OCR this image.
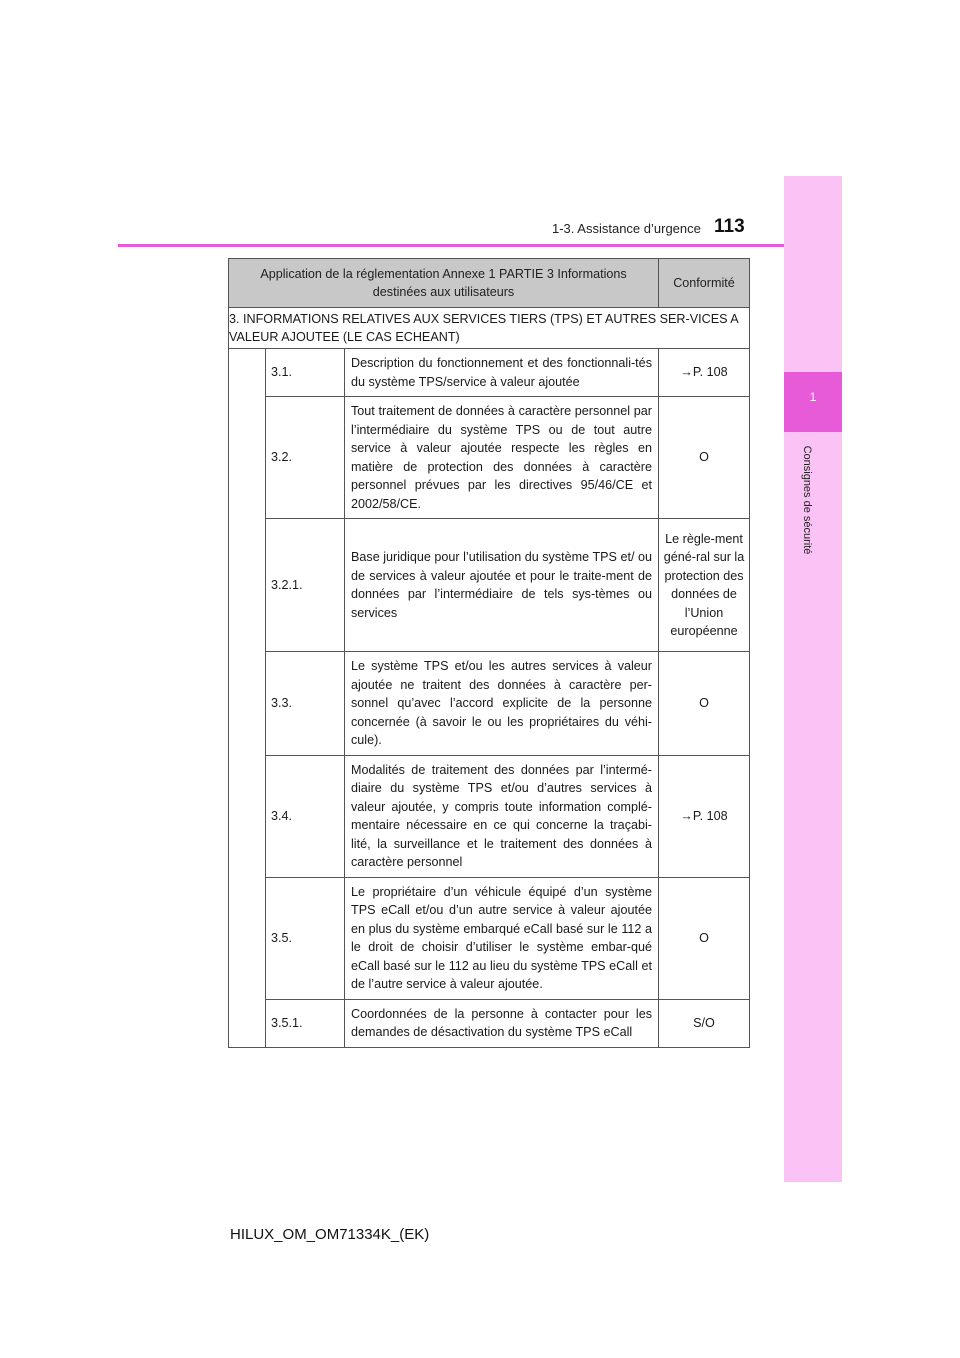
1
Consignes de sécurité
1-3. Assistance d’urgence 113
Application de la réglementation Annexe 1 PARTIE 3 Informations destinées aux utilisateurs			Conformité
3. INFORMATIONS RELATIVES AUX SERVICES TIERS (TPS) ET AUTRES SER-VICES A VALEUR AJOUTEE (LE CAS ECHEANT)			
	3.1.	Description du fonctionnement et des fonctionnali-tés du système TPS/service à valeur ajoutée	→P. 108
	3.2.	Tout traitement de données à caractère personnel par l’intermédiaire du système TPS ou de tout autre service à valeur ajoutée respecte les règles en matière de protection des données à caractère personnel prévues par les directives 95/46/CE et 2002/58/CE.	O
	3.2.1.	Base juridique pour l’utilisation du système TPS et/ ou de services à valeur ajoutée et pour le traite-ment de données par l’intermédiaire de tels sys-tèmes ou services	Le règle-ment géné-ral sur la protection des données de l’Union européenne
	3.3.	Le système TPS et/ou les autres services à valeur ajoutée ne traitent des données à caractère per-sonnel qu’avec l’accord explicite de la personne concernée (à savoir le ou les propriétaires du véhi-cule).	O
	3.4.	Modalités de traitement des données par l’intermé-diaire du système TPS et/ou d’autres services à valeur ajoutée, y compris toute information complé-mentaire nécessaire en ce qui concerne la traçabi-lité, la surveillance et le traitement des données à caractère personnel	→P. 108
	3.5.	Le propriétaire d’un véhicule équipé d’un système TPS eCall et/ou d’un autre service à valeur ajoutée en plus du système embarqué eCall basé sur le 112 a le droit de choisir d’utiliser le système embar-qué eCall basé sur le 112 au lieu du système TPS eCall et de l’autre service à valeur ajoutée.	O
	3.5.1.	Coordonnées de la personne à contacter pour les demandes de désactivation du système TPS eCall	S/O
HILUX_OM_OM71334K_(EK)
